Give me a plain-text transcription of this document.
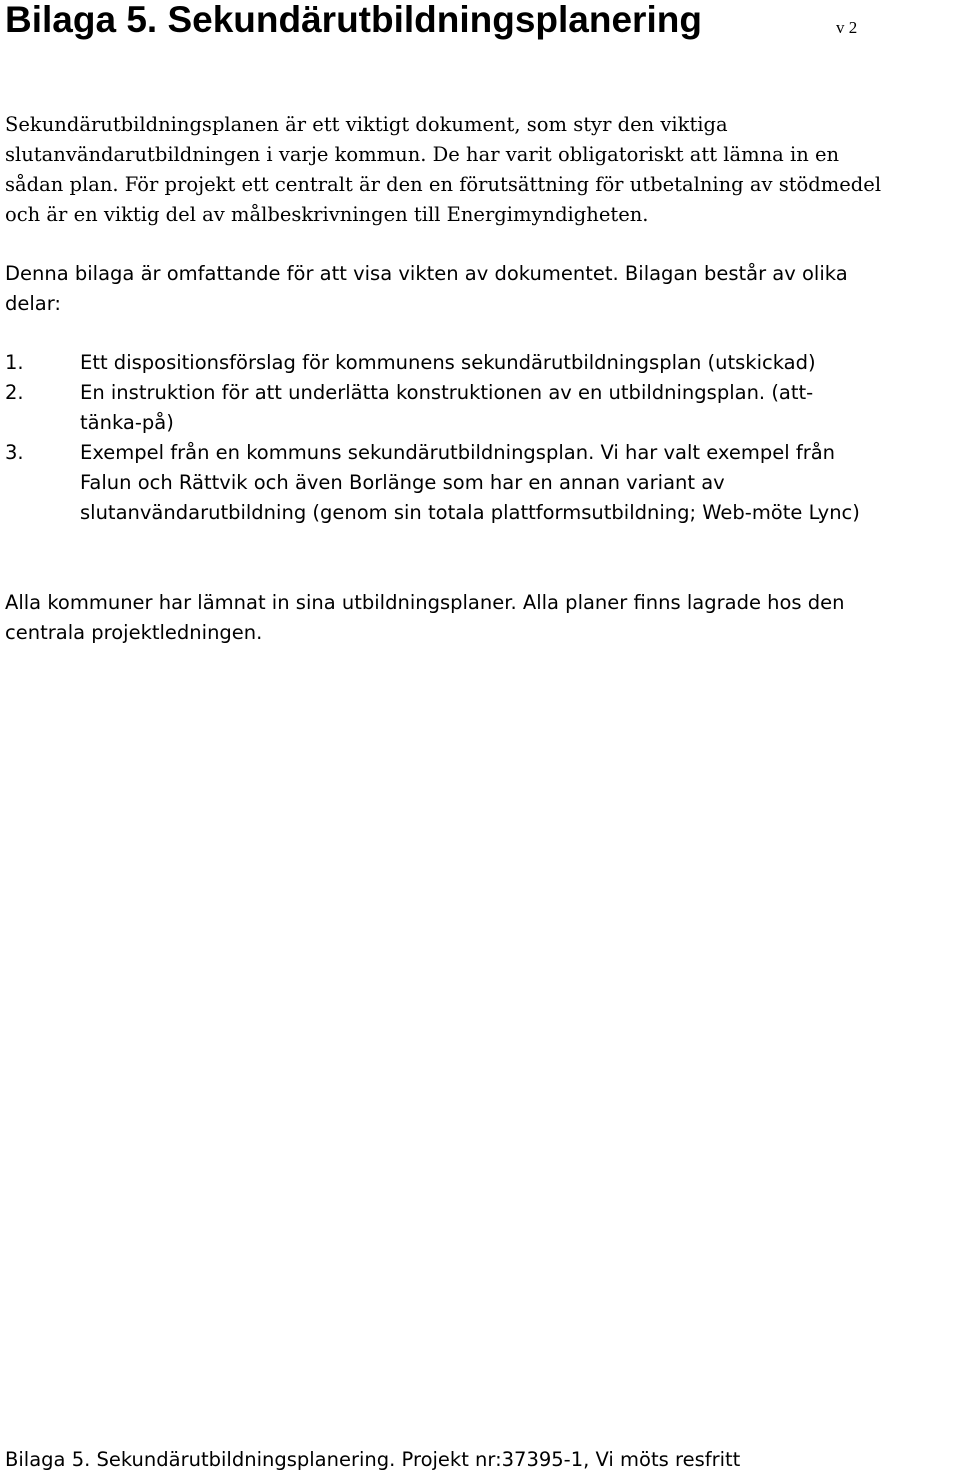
Bilaga 5. Sekundärutbildningsplanering	v 2
Sekundärutbildningsplanen är ett viktigt dokument, som styr den viktiga
slutanvändarutbildningen i varje kommun. De har varit obligatoriskt att lämna in en
sådan plan. För projekt ett centralt är den en förutsättning för utbetalning av stödmedel
och är en viktig del av målbeskrivningen till Energimyndigheten.
Denna bilaga är omfattande för att visa vikten av dokumentet. Bilagan består av olika
delar:
1.	Ett dispositionsförslag för kommunens sekundärutbildningsplan (utskickad)
2.	En instruktion för att underlätta konstruktionen av en utbildningsplan. (att-
tänka-på)
3.	Exempel från en kommuns sekundärutbildningsplan. Vi har valt exempel från
Falun och Rättvik och även Borlänge som har en annan variant av
slutanvändarutbildning (genom sin totala plattformsutbildning; Web-möte Lync)
Alla kommuner har lämnat in sina utbildningsplaner. Alla planer finns lagrade hos den
centrala projektledningen.
Bilaga 5. Sekundärutbildningsplanering. Projekt nr:37395-1, Vi möts resfritt
